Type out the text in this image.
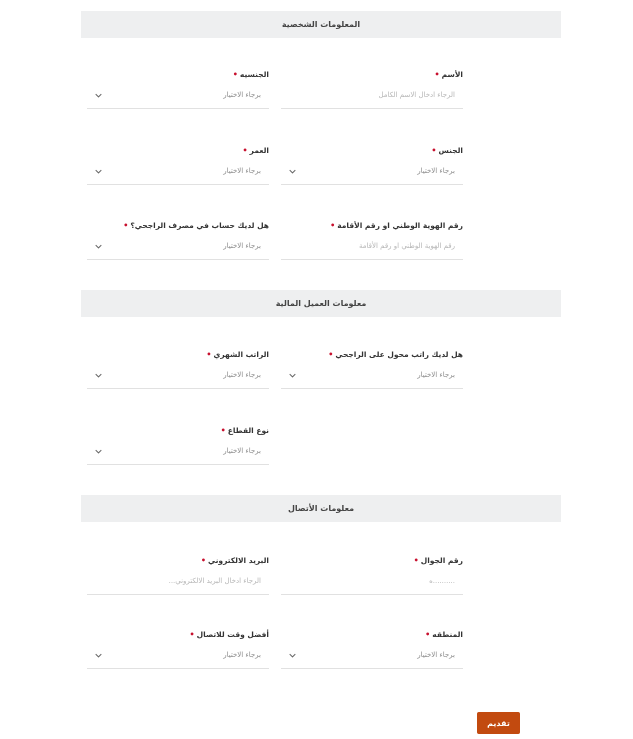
المعلومات الشخصية
الأسم•
الرجاء ادخال الاسم الكامل
الجنسيه•
برجاء الاختيار
الجنس•
برجاء الاختيار
العمر•
برجاء الاختيار
رقم الهوية الوطني او رقم الأقامة•
رقم الهوية الوطني او رقم الأقامة
هل لديك حساب في مصرف الراجحي؟•
برجاء الاختيار
معلومات العميل المالية
هل لديك راتب محول على الراجحي•
برجاء الاختيار
الراتب الشهري•
برجاء الاختيار
نوع القطاع•
برجاء الاختيار
معلومات الأتصال
رقم الجوال•
..........ه
البريد الالكتروني•
الرجاء ادخال البريد الالكتروني...
المنطقه•
برجاء الاختيار
أفضل وقت للاتصال•
برجاء الاختيار
تقديم
